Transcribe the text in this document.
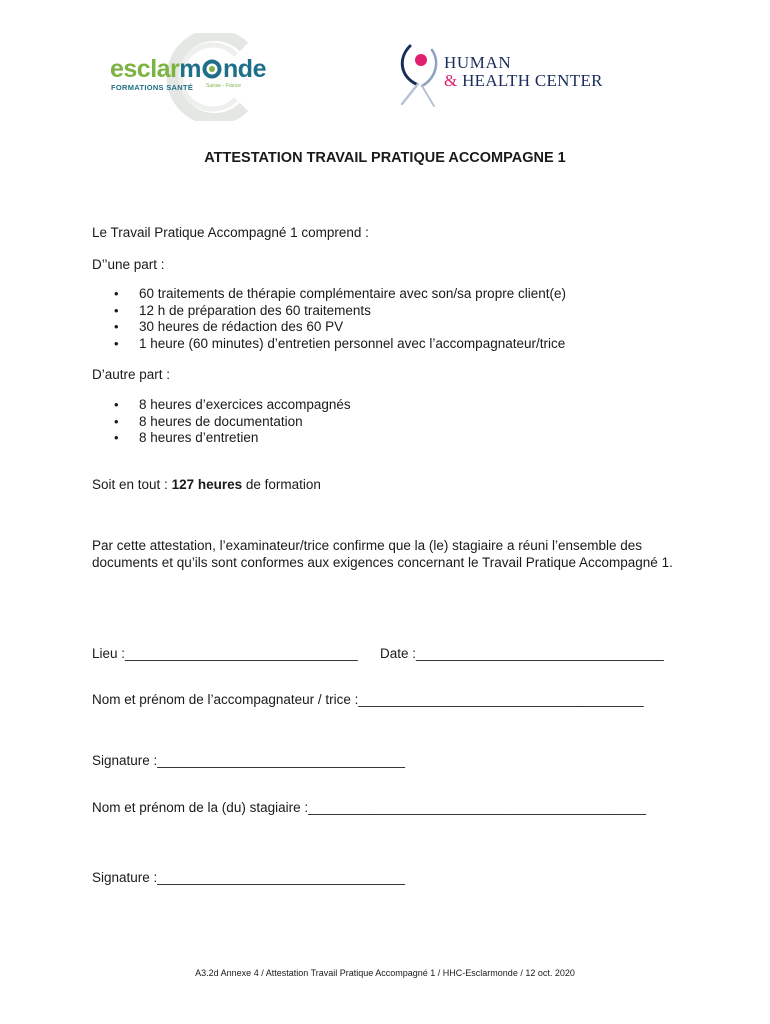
esclarm nde
FORMATIONS SANTÉ	Suisse - France
HUMAN
& HEALTH CENTER
ATTESTATION TRAVAIL PRATIQUE ACCOMPAGNE 1
Le Travail Pratique Accompagné 1 comprend :
D’’une part :
• 60 traitements de thérapie complémentaire avec son/sa propre client(e)
• 12 h de préparation des 60 traitements
• 30 heures de rédaction des 60 PV
• 1 heure (60 minutes) d’entretien personnel avec l’accompagnateur/trice
D’autre part :
• 8 heures d’exercices accompagnés
• 8 heures de documentation
• 8 heures d’entretien
Soit en tout : 127 heures de formation
Par cette attestation, l’examinateur/trice confirme que la (le) stagiaire a réuni l’ensemble des documents et qu’ils sont conformes aux exigences concernant le Travail Pratique Accompagné 1.
Lieu :_______________________________ Date :_________________________________
Nom et prénom de l’accompagnateur / trice :______________________________________
Signature :_________________________________
Nom et prénom de la (du) stagiaire :_____________________________________________
Signature :_________________________________
A3.2d Annexe 4 / Attestation Travail Pratique Accompagné 1 / HHC-Esclarmonde / 12 oct. 2020
